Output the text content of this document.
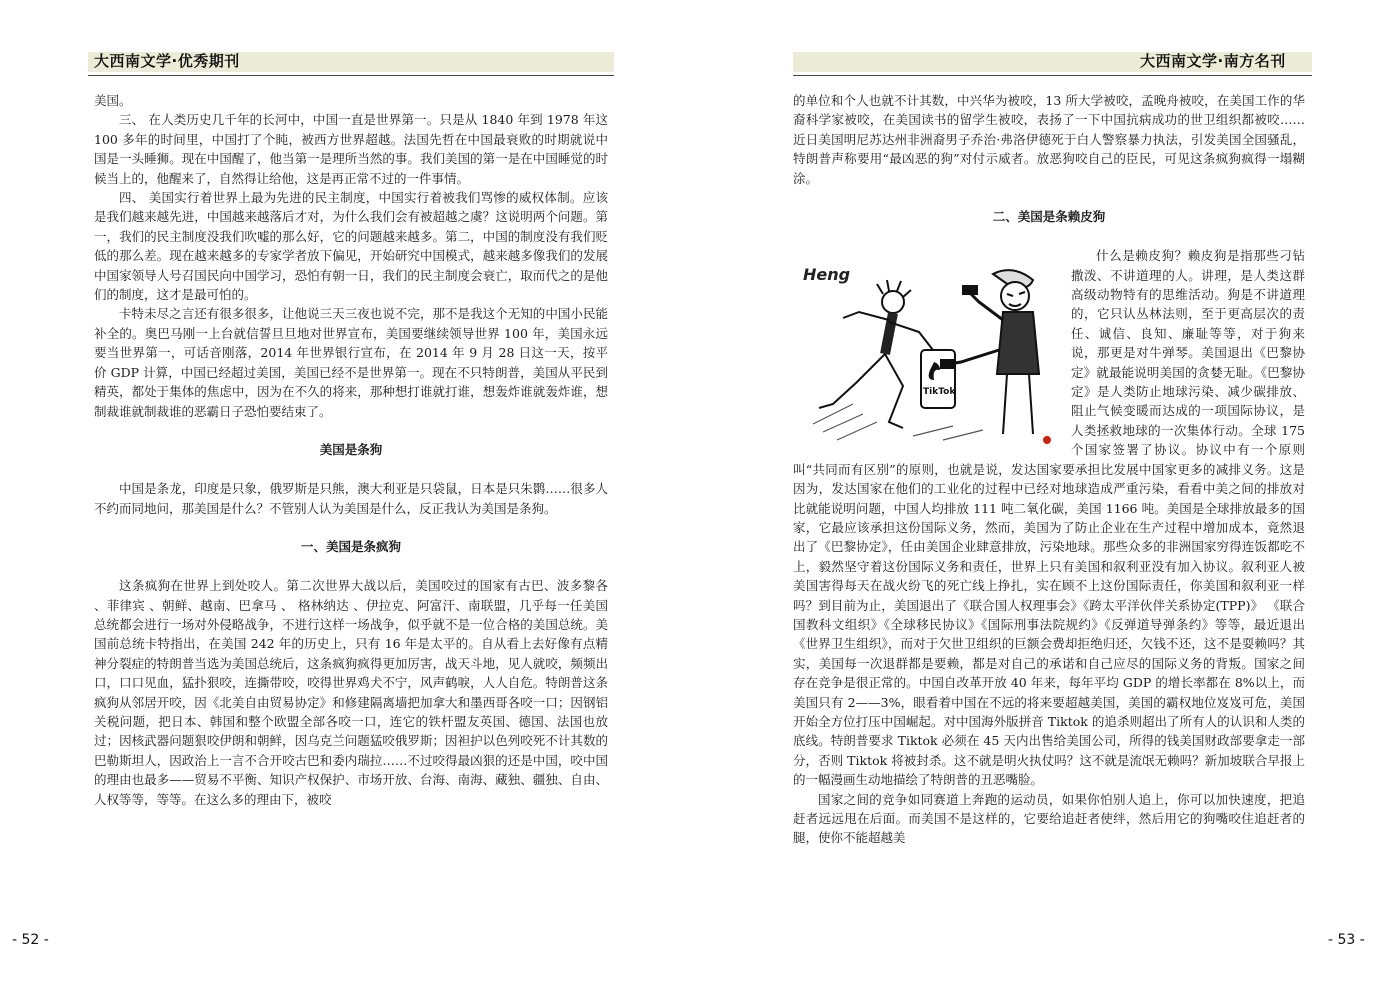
大西南文学·优秀期刊

美国。

三、 在人类历史几千年的长河中，中国一直是世界第一。只是从 1840 年到 1978 年这 100 多年的时间里，中国打了个盹，被西方世界超越。法国先哲在中国最衰败的时期就说中国是一头睡狮。现在中国醒了，他当第一是理所当然的事。我们美国的第一是在中国睡觉的时候当上的，他醒来了，自然得让给他，这是再正常不过的一件事情。

四、 美国实行着世界上最为先进的民主制度，中国实行着被我们骂惨的威权体制。应该是我们越来越先进，中国越来越落后才对，为什么我们会有被超越之虞？这说明两个问题。第一，我们的民主制度没我们吹嘘的那么好，它的问题越来越多。第二，中国的制度没有我们贬低的那么差。现在越来越多的专家学者放下偏见，开始研究中国模式，越来越多像我们的发展中国家领导人号召国民向中国学习，恐怕有朝一日，我们的民主制度会衰亡，取而代之的是他们的制度，这才是最可怕的。

卡特未尽之言还有很多很多，让他说三天三夜也说不完，那不是我这个无知的中国小民能补全的。奥巴马刚一上台就信誓旦旦地对世界宣布，美国要继续领导世界 100 年，美国永远要当世界第一，可话音刚落，2014 年世界银行宣布，在 2014 年 9 月 28 日这一天，按平价 GDP 计算，中国已经超过美国，美国已经不是世界第一。现在不只特朗普，美国从平民到精英，都处于集体的焦虑中，因为在不久的将来，那种想打谁就打谁，想轰炸谁就轰炸谁，想制裁谁就制裁谁的恶霸日子恐怕要结束了。

美国是条狗

中国是条龙，印度是只象，俄罗斯是只熊，澳大利亚是只袋鼠，日本是只朱鹮……很多人不约而同地问，那美国是什么？不管别人认为美国是什么，反正我认为美国是条狗。

一、美国是条疯狗

这条疯狗在世界上到处咬人。第二次世界大战以后，美国咬过的国家有古巴、波多黎各 、菲律宾 、朝鲜、越南、巴拿马 、 格林纳达 、伊拉克、阿富汗、南联盟，几乎每一任美国总统都会进行一场对外侵略战争，不进行这样一场战争，似乎就不是一位合格的美国总统。美国前总统卡特指出，在美国 242 年的历史上，只有 16 年是太平的。自从看上去好像有点精神分裂症的特朗普当选为美国总统后，这条疯狗疯得更加厉害，战天斗地，见人就咬，频频出口，口口见血，猛扑狠咬，连撕带咬，咬得世界鸡犬不宁，风声鹤唳，人人自危。特朗普这条疯狗从邻居开咬，因《北美自由贸易协定》和修建隔离墙把加拿大和墨西哥各咬一口；因钢铝关税问题，把日本、韩国和整个欧盟全部各咬一口，连它的铁杆盟友英国、德国、法国也放过；因核武器问题狠咬伊朗和朝鲜，因乌克兰问题猛咬俄罗斯；因袒护以色列咬死不计其数的巴勒斯坦人，因政治上一言不合开咬古巴和委内瑞拉……不过咬得最凶狠的还是中国，咬中国的理由也最多——贸易不平衡、知识产权保护、市场开放、台海、南海、藏独、疆独、自由、人权等等，等等。在这么多的理由下，被咬

- 52 -
大西南文学·南方名刊

的单位和个人也就不计其数，中兴华为被咬，13 所大学被咬，孟晚舟被咬，在美国工作的华裔科学家被咬，在美国读书的留学生被咬，表扬了一下中国抗病成功的世卫组织都被咬……近日美国明尼苏达州非洲裔男子乔治·弗洛伊德死于白人警察暴力执法，引发美国全国骚乱，特朗普声称要用“最凶恶的狗”对付示威者。放恶狗咬自己的臣民，可见这条疯狗疯得一塌糊涂。

二、美国是条赖皮狗
Heng
TikTok

什么是赖皮狗？赖皮狗是指那些刁钻撒泼、不讲道理的人。讲理，是人类这群高级动物特有的思维活动。狗是不讲道理的，它只认丛林法则，至于更高层次的责任、诚信、良知、廉耻等等，对于狗来说，那更是对牛弹琴。美国退出《巴黎协定》就最能说明美国的贪婪无耻。《巴黎协定》是人类防止地球污染、减少碳排放、阻止气候变暖而达成的一项国际协议，是人类拯救地球的一次集体行动。全球 175 个国家签署了协议。协议中有一个原则叫“共同而有区别”的原则，也就是说，发达国家要承担比发展中国家更多的减排义务。这是因为，发达国家在他们的工业化的过程中已经对地球造成严重污染，看看中美之间的排放对比就能说明问题，中国人均排放 111 吨二氧化碳，美国 1166 吨。美国是全球排放最多的国家，它最应该承担这份国际义务，然而，美国为了防止企业在生产过程中增加成本，竟然退出了《巴黎协定》，任由美国企业肆意排放，污染地球。那些众多的非洲国家穷得连饭都吃不上，毅然坚守着这份国际义务和责任，世界上只有美国和叙利亚没有加入协议。叙利亚人被美国害得每天在战火纷飞的死亡线上挣扎，实在顾不上这份国际责任，你美国和叙利亚一样吗？到目前为止，美国退出了《联合国人权理事会》《跨太平洋伙伴关系协定(TPP)》 《联合国教科文组织》《全球移民协议》《国际刑事法院规约》《反弹道导弹条约》等等，最近退出《世界卫生组织》，而对于欠世卫组织的巨额会费却拒绝归还，欠钱不还，这不是耍赖吗？其实，美国每一次退群都是要赖，都是对自己的承诺和自己应尽的国际义务的背叛。国家之间存在竞争是很正常的。中国自改革开放 40 年来，每年平均 GDP 的增长率都在 8%以上，而美国只有 2——3%，眼看着中国在不远的将来要超越美国，美国的霸权地位岌岌可危，美国开始全方位打压中国崛起。对中国海外版拼音 Tiktok 的追杀则超出了所有人的认识和人类的底线。特朗普要求 Tiktok 必须在 45 天内出售给美国公司，所得的钱美国财政部要拿走一部分，否则 Tiktok 将被封杀。这不就是明火执仗吗？这不就是流氓无赖吗？新加坡联合早报上的一幅漫画生动地描绘了特朗普的丑恶嘴脸。

国家之间的竞争如同赛道上奔跑的运动员，如果你怕别人追上，你可以加快速度，把追赶者远远甩在后面。而美国不是这样的，它要给追赶者使绊，然后用它的狗嘴咬住追赶者的腿，使你不能超越美

- 53 -
